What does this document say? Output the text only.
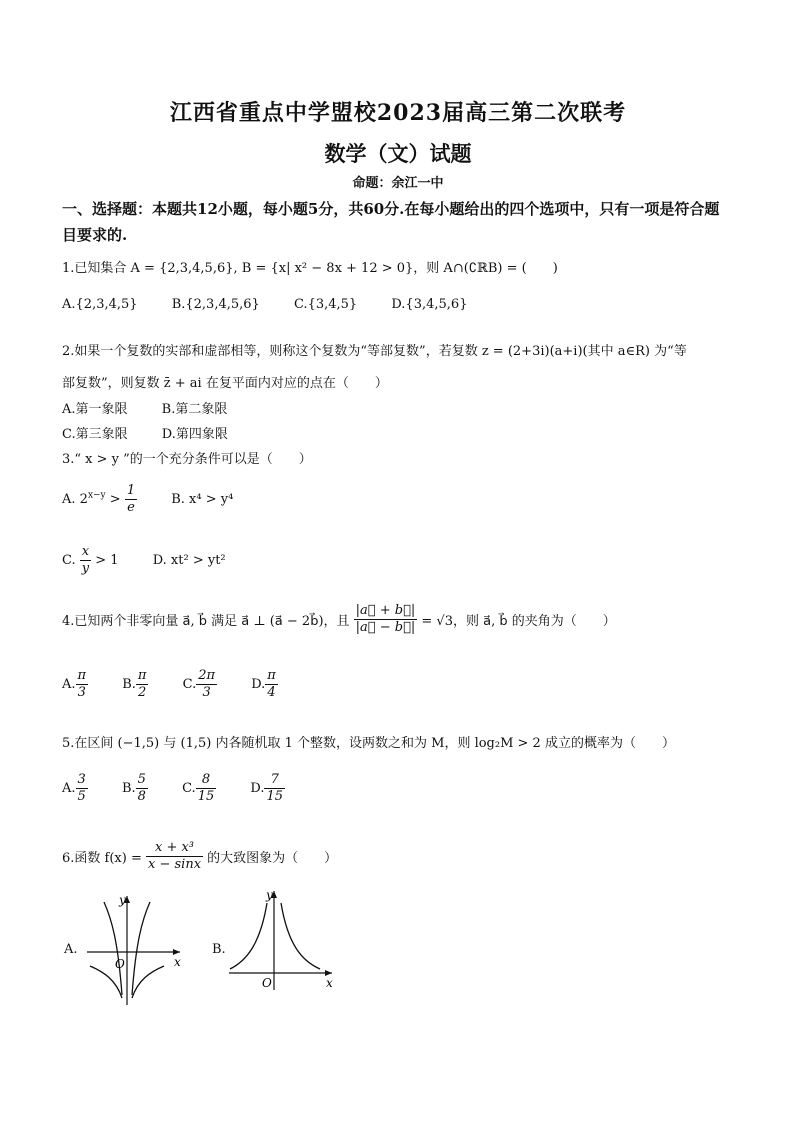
江西省重点中学盟校2023届高三第二次联考
数学（文）试题
命题：余江一中
一、选择题：本题共12小题，每小题5分，共60分.在每小题给出的四个选项中，只有一项是符合题目要求的.
1.已知集合 A = {2,3,4,5,6}, B = {x| x² − 8x + 12 > 0}，则 A∩(∁ℝB) = (　　)
A.{2,3,4,5}	B.{2,3,4,5,6}	C.{3,4,5}	D.{3,4,5,6}
2.如果一个复数的实部和虚部相等，则称这个复数为“等部复数”，若复数 z = (2+3i)(a+i)(其中 a∈R) 为“等
部复数”，则复数 z̄ + ai 在复平面内对应的点在（　　）
A.第一象限	B.第二象限
C.第三象限	D.第四象限
3.“ x > y ”的一个充分条件可以是（　　）
A. $2^{x-y} > \frac{1}{e}$	B. x⁴ > y⁴
C. $\frac{x}{y} > 1$	D. xt² > yt²
4.已知两个非零向量 a⃗, b⃗ 满足 a⃗ ⊥ (a⃗ − 2b⃗)，且 $\frac{|a⃗ + b⃗|}{|a⃗ - b⃗|} = √3$，则 a⃗, b⃗ 的夹角为（　　）
A. $\frac{\pi}{3}$	B. $\frac{\pi}{2}$	C. $\frac{2\pi}{3}$	D. $\frac{\pi}{4}$
5.在区间 (−1,5) 与 (1,5) 内各随机取 1 个整数，设两数之和为 M，则 log₂M > 2 成立的概率为（　　）
A. $\frac{3}{5}$	B. $\frac{5}{8}$	C. $\frac{8}{15}$	D. $\frac{7}{15}$
6.函数 $f(x) = \frac{\text{x + x³}}{x - \sin x}$ 的大致图象为（　　）
A.
y
x
O
B.
y
x
O
